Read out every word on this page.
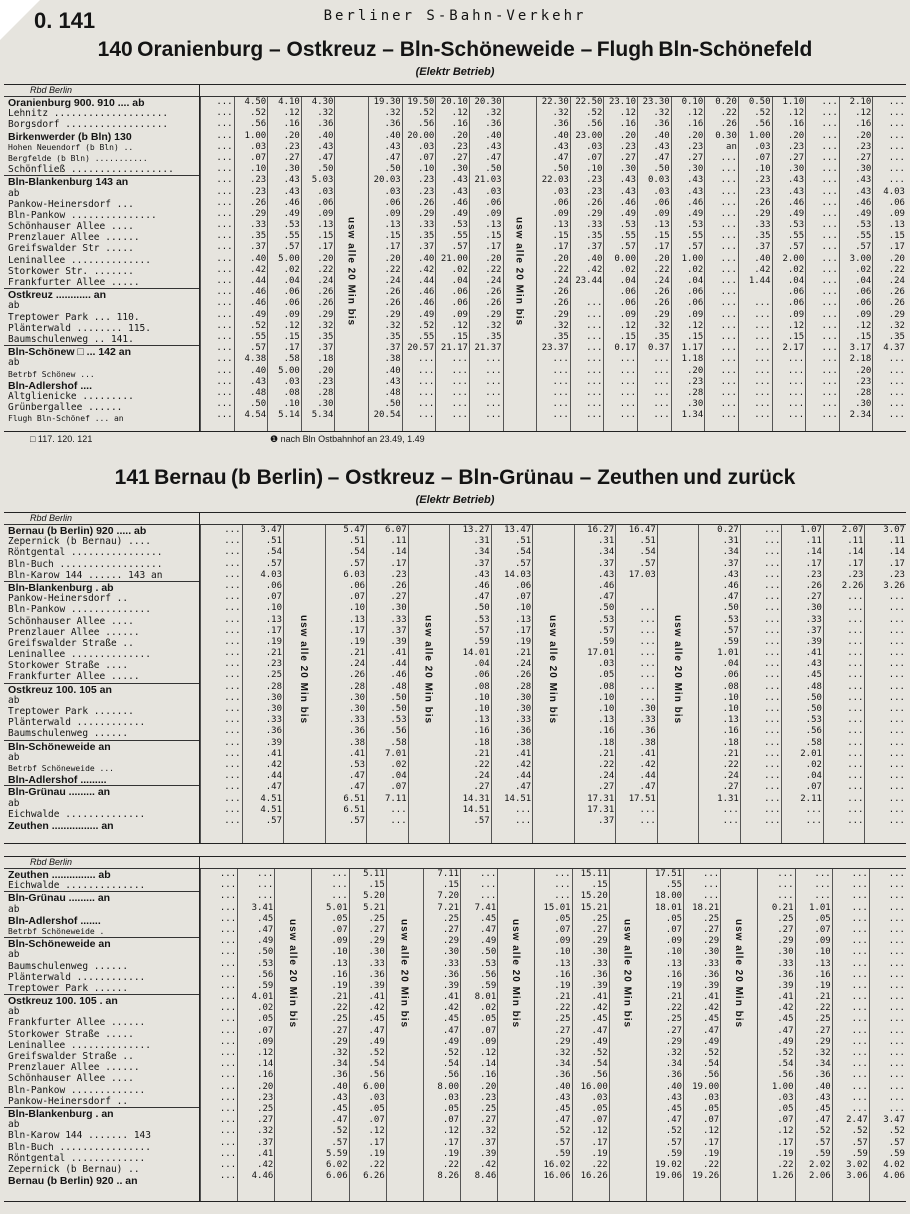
0. 141	Berliner S-Bahn-Verkehr
140 Oranienburg – Ostkreuz – Bln-Schöneweide – Flugh Bln-Schönefeld
(Elektr Betrieb)
Rbd Berlin
Oranienburg 900. 910 .... ab
Lehnitz ....................
Borgsdorf ..................
Birkenwerder (b Bln) 130
Hohen Neuendorf (b Bln) ..
Bergfelde (b Bln) ...........
Schönfließ ..................
Bln-Blankenburg 143 an
ab
Pankow-Heinersdorf ...
Bln-Pankow ...............
Schönhauser Allee ....
Prenzlauer Allee ......
Greifswalder Str .....
Leninallee ..............
Storkower Str. .......
Frankfurter Allee .....
Ostkreuz ............ an
ab
Treptower Park ... 110.
Plänterwald ........ 115.
Baumschulenweg .. 141.
Bln-Schönew □ ... 142 an
ab
Betrbf Schönew ...
Bln-Adlershof ....
Altglienicke .........
Grünbergallee ......
Flugh Bln-Schönef ... an
...
...
...
...
...
...
...
...
...
...
...
...
...
...
...
...
...
...
...
...
...
...
...
...
...
...
...
...
...
4.50
.52
.56
1.00
.03
.07
.10
.23
.23
.26
.29
.33
.35
.37
.40
.42
.44
.46
.46
.49
.52
.55
.57
4.38
.40
.43
.48
.50
4.54
4.10
.12
.16
.20
.23
.27
.30
.43
.43
.46
.49
.53
.55
.57
5.00
.02
.04
.06
.06
.09
.12
.15
.17
.58
5.00
.03
.08
.10
5.14
4.30
.32
.36
.40
.43
.47
.50
5.03
.03
.06
.09
.13
.15
.17
.20
.22
.24
.26
.26
.29
.32
.35
.37
.18
.20
.23
.28
.30
5.34
usw alle 20 Min bis
19.30
.32
.36
.40
.43
.47
.50
20.03
.03
.06
.09
.13
.15
.17
.20
.22
.24
.26
.26
.29
.32
.35
.37
.38
.40
.43
.48
.50
20.54
19.50
.52
.56
20.00
.03
.07
.10
.23
.23
.26
.29
.33
.35
.37
.40
.42
.44
.46
.46
.49
.52
.55
20.57
...
...
...
...
...
...
20.10
.12
.16
.20
.23
.27
.30
.43
.43
.46
.49
.53
.55
.57
21.00
.02
.04
.06
.06
.09
.12
.15
21.17
...
...
...
...
...
...
20.30
.32
.36
.40
.43
.47
.50
21.03
.03
.06
.09
.13
.15
.17
.20
.22
.24
.26
.26
.29
.32
.35
21.37
...
...
...
...
...
...
usw alle 20 Min bis
22.30
.32
.36
.40
.43
.47
.50
22.03
.03
.06
.09
.13
.15
.17
.20
.22
.24
.26
.26
.29
.32
.35
23.37
...
...
...
...
...
...
22.50
.52
.56
23.00
.03
.07
.10
.23
.23
.26
.29
.33
.35
.37
.40
.42
23.44
...
...
...
...
...
...
...
...
...
...
...
23.10
.12
.16
.20
.23
.27
.30
.43
.43
.46
.49
.53
.55
.57
0.00
.02
.04
.06
.06
.09
.12
.15
0.17
...
...
...
...
...
...
23.30
.32
.36
.40
.43
.47
.50
0.03
.03
.06
.09
.13
.15
.17
.20
.22
.24
.26
.26
.29
.32
.35
0.37
...
...
...
...
...
...
0.10
.12
.16
.20
.23
.27
.30
.43
.43
.46
.49
.53
.55
.57
1.00
.02
.04
.06
.06
.09
.12
.15
1.17
1.18
.20
.23
.28
.30
1.34
0.20
.22
.26
0.30
an
...
...
...
...
...
...
...
...
...
...
...
...
...
...
...
...
...
...
...
...
...
...
...
...
0.50
.52
.56
1.00
.03
.07
.10
.23
.23
.26
.29
.33
.35
.37
.40
.42
1.44
...
...
...
...
...
...
...
...
...
...
...
1.10
.12
.16
.20
.23
.27
.30
.43
.43
.46
.49
.53
.55
.57
2.00
.02
.04
.06
.06
.09
.12
.15
2.17
...
...
...
...
...
...
...
...
...
...
...
...
...
...
...
...
...
...
...
...
...
...
...
...
...
...
...
...
...
...
...
...
...
...
...
2.10
.12
.16
.20
.23
.27
.30
.43
.43
.46
.49
.53
.55
.57
3.00
.02
.04
.06
.06
.09
.12
.15
3.17
2.18
.20
.23
.28
.30
2.34
...
...
...
...
...
...
...
...
4.03
.06
.09
.13
.15
.17
.20
.22
.24
.26
.26
.29
.32
.35
4.37
...
...
...
...
...
...
□ 117. 120. 121	❶ nach Bln Ostbahnhof an 23.49, 1.49
141 Bernau (b Berlin) – Ostkreuz – Bln-Grünau – Zeuthen und zurück
(Elektr Betrieb)
Rbd Berlin
Bernau (b Berlin) 920 ..... ab
Zepernick (b Bernau) ....
Röntgental ................
Bln-Buch ..................
Bln-Karow 144 ...... 143 an
Bln-Blankenburg . ab
Pankow-Heinersdorf ..
Bln-Pankow ..............
Schönhauser Allee ....
Prenzlauer Allee ......
Greifswalder Straße ..
Leninallee ..............
Storkower Straße ....
Frankfurter Allee .....
Ostkreuz 100. 105 an
ab
Treptower Park .......
Plänterwald ............
Baumschulenweg ......
Bln-Schöneweide an
ab
Betrbf Schöneweide ...
Bln-Adlershof .........
Bln-Grünau ......... an
ab
Eichwalde ..............
Zeuthen ................ an
...
...
...
...
...
...
...
...
...
...
...
...
...
...
...
...
...
...
...
...
...
...
...
...
...
...
...
3.47
.51
.54
.57
4.03
.06
.07
.10
.13
.17
.19
.21
.23
.25
.28
.30
.30
.33
.36
.39
.41
.42
.44
.47
4.51
4.51
.57
usw alle 20 Min bis
5.47
.51
.54
.57
6.03
.06
.07
.10
.13
.17
.19
.21
.24
.26
.28
.30
.30
.33
.36
.38
.41
.53
.47
.47
6.51
6.51
.57
6.07
.11
.14
.17
.23
.26
.27
.30
.33
.37
.39
.41
.44
.46
.48
.50
.50
.53
.56
.58
7.01
.02
.04
.07
7.11
...
...
usw alle 20 Min bis
13.27
.31
.34
.37
.43
.46
.47
.50
.53
.57
.59
14.01
.04
.06
.08
.10
.10
.13
.16
.18
.21
.22
.24
.27
14.31
14.51
.57
13.47
.51
.54
.57
14.03
.06
.07
.10
.13
.17
.19
.21
.24
.26
.28
.30
.30
.33
.36
.38
.41
.42
.44
.47
14.51
...
...
usw alle 20 Min bis
16.27
.31
.34
.37
.43
.46
.47
.50
.53
.57
.59
17.01
.03
.05
.08
.10
.10
.13
.16
.18
.21
.22
.24
.27
17.31
17.31
.37
16.47
.51
.54
.57
17.03
...
...
...
...
...
...
...
...
...
.30
.33
.36
.38
.41
.42
.44
.47
17.51
...
...
usw alle 20 Min bis
0.27
.31
.34
.37
.43
.46
.47
.50
.53
.57
.59
1.01
.04
.06
.08
.10
.10
.13
.16
.18
.21
.22
.24
.27
1.31
...
...
...
...
...
...
...
...
...
...
...
...
...
...
...
...
...
...
...
...
...
...
...
...
...
...
...
...
...
1.07
.11
.14
.17
.23
.26
.27
.30
.33
.37
.39
.41
.43
.45
.48
.50
.50
.53
.56
.58
2.01
.02
.04
.07
2.11
...
...
2.07
.11
.14
.17
.23
2.26
...
...
...
...
...
...
...
...
...
...
...
...
...
...
...
...
...
...
...
...
...
3.07
.11
.14
.17
.23
3.26
...
...
...
...
...
...
...
...
...
...
...
...
...
...
...
...
...
...
...
...
...
Rbd Berlin
Zeuthen ............... ab
Eichwalde ..............
Bln-Grünau ......... an
ab
Bln-Adlershof .......
Betrbf Schöneweide .
Bln-Schöneweide an
ab
Baumschulenweg ......
Plänterwald ............
Treptower Park ......
Ostkreuz 100. 105 . an
ab
Frankfurter Allee ......
Storkower Straße .....
Leninallee ..............
Greifswalder Straße ..
Prenzlauer Allee ......
Schönhauser Allee ....
Bln-Pankow .............
Pankow-Heinersdorf ..
Bln-Blankenburg . an
ab
Bln-Karow 144 ....... 143
Bln-Buch ................
Röntgental .............
Zepernick (b Bernau) ..
Bernau (b Berlin) 920 .. an
...
...
...
...
...
...
...
...
...
...
...
...
...
...
...
...
...
...
...
...
...
...
...
...
...
...
...
...
...
...
...
3.41
.45
.47
.49
.50
.53
.56
.59
4.01
.02
.05
.07
.09
.12
.14
.16
.20
.23
.25
.27
.32
.37
.41
.42
4.46
usw alle 20 Min bis
...
...
...
5.01
.05
.07
.09
.10
.13
.16
.19
.21
.22
.25
.27
.29
.32
.34
.36
.40
.43
.45
.47
.52
.57
5.59
6.02
6.06
5.11
.15
5.20
5.21
.25
.27
.29
.30
.33
.36
.39
.41
.42
.45
.47
.49
.52
.54
.56
6.00
.03
.05
.07
.12
.17
.19
.22
6.26
usw alle 20 Min bis
7.11
.15
7.20
7.21
.25
.27
.29
.30
.33
.36
.39
.41
.42
.45
.47
.49
.52
.54
.56
8.00
.03
.05
.07
.12
.17
.19
.22
8.26
...
...
...
7.41
.45
.47
.49
.50
.53
.56
.59
8.01
.02
.05
.07
.09
.12
.14
.16
.20
.23
.25
.27
.32
.37
.39
.42
8.46
usw alle 20 Min bis
...
...
...
15.01
.05
.07
.09
.10
.13
.16
.19
.21
.22
.25
.27
.29
.32
.34
.36
.40
.43
.45
.47
.52
.57
.59
16.02
16.06
15.11
.15
15.20
15.21
.25
.27
.29
.30
.33
.36
.39
.41
.42
.45
.47
.49
.52
.54
.56
16.00
.03
.05
.07
.12
.17
.19
.22
16.26
usw alle 20 Min bis
17.51
.55
18.00
18.01
.05
.07
.09
.10
.13
.16
.19
.21
.22
.25
.27
.29
.32
.34
.36
.40
.43
.45
.47
.52
.57
.59
19.02
19.06
...
...
...
18.21
.25
.27
.29
.30
.33
.36
.39
.41
.42
.45
.47
.49
.52
.54
.56
19.00
.03
.05
.07
.12
.17
.19
.22
19.26
usw alle 20 Min bis
...
...
...
0.21
.25
.27
.29
.30
.33
.36
.39
.41
.42
.45
.47
.49
.52
.54
.56
1.00
.03
.05
.07
.12
.17
.19
.22
1.26
...
...
...
1.01
.05
.07
.09
.10
.13
.16
.19
.21
.22
.25
.27
.29
.32
.34
.36
.40
.43
.45
.47
.52
.57
.59
2.02
2.06
...
...
...
...
...
...
...
...
...
...
...
...
...
...
...
...
...
...
...
...
...
...
2.47
.52
.57
.59
3.02
3.06
...
...
...
...
...
...
...
...
...
...
...
...
...
...
...
...
...
...
...
...
...
...
3.47
.52
.57
.59
4.02
4.06
